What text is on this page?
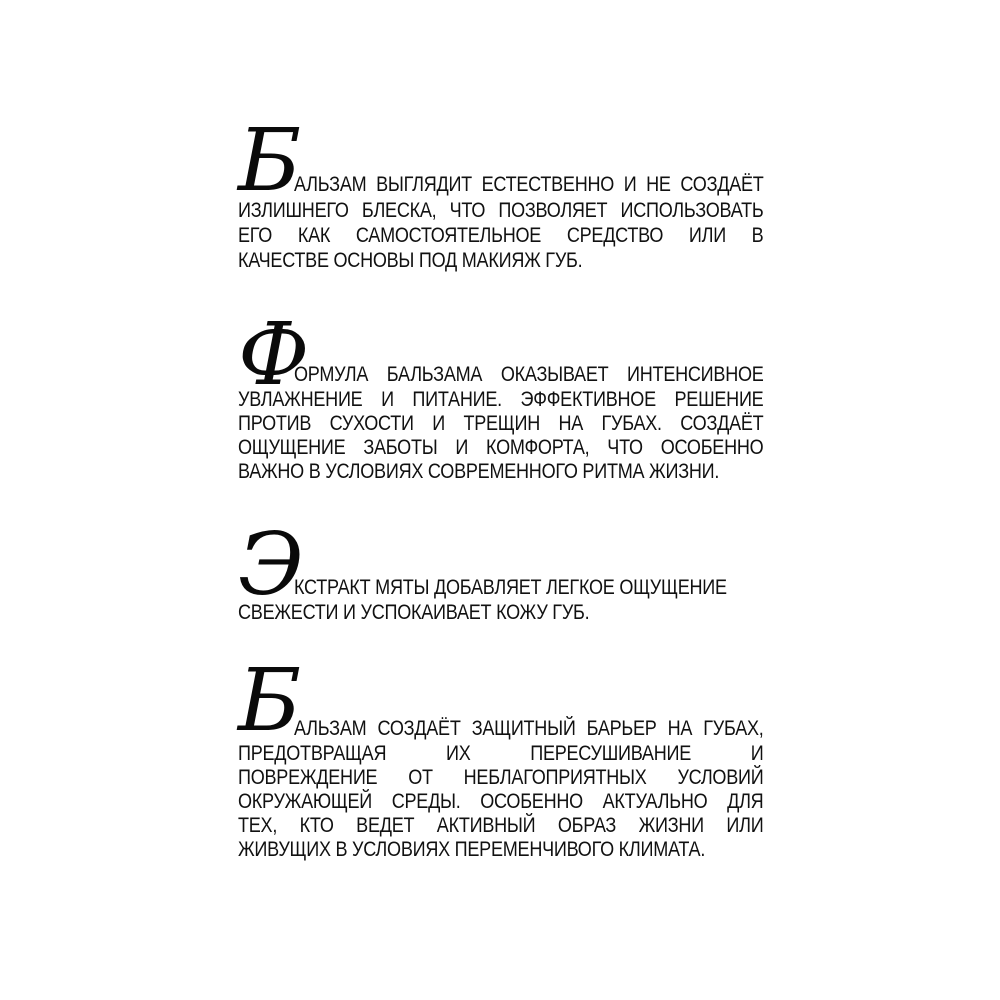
Б
АЛЬЗАМ ВЫГЛЯДИТ ЕСТЕСТВЕННО И НЕ СОЗДАЁТ
ИЗЛИШНЕГО БЛЕСКА, ЧТО ПОЗВОЛЯЕТ ИСПОЛЬЗОВАТЬ
ЕГО КАК САМОСТОЯТЕЛЬНОЕ СРЕДСТВО ИЛИ В
КАЧЕСТВЕ ОСНОВЫ ПОД МАКИЯЖ ГУБ.
Ф
ОРМУЛА БАЛЬЗАМА ОКАЗЫВАЕТ ИНТЕНСИВНОЕ
УВЛАЖНЕНИЕ И ПИТАНИЕ. ЭФФЕКТИВНОЕ РЕШЕНИЕ
ПРОТИВ СУХОСТИ И ТРЕЩИН НА ГУБАХ. СОЗДАЁТ
ОЩУЩЕНИЕ ЗАБОТЫ И КОМФОРТА, ЧТО ОСОБЕННО
ВАЖНО В УСЛОВИЯХ СОВРЕМЕННОГО РИТМА ЖИЗНИ.
Э
КСТРАКТ МЯТЫ ДОБАВЛЯЕТ ЛЕГКОЕ ОЩУЩЕНИЕ
СВЕЖЕСТИ И УСПОКАИВАЕТ КОЖУ ГУБ.
Б
АЛЬЗАМ СОЗДАЁТ ЗАЩИТНЫЙ БАРЬЕР НА ГУБАХ,
ПРЕДОТВРАЩАЯ ИХ ПЕРЕСУШИВАНИЕ И
ПОВРЕЖДЕНИЕ ОТ НЕБЛАГОПРИЯТНЫХ УСЛОВИЙ
ОКРУЖАЮЩЕЙ СРЕДЫ. ОСОБЕННО АКТУАЛЬНО ДЛЯ
ТЕХ, КТО ВЕДЕТ АКТИВНЫЙ ОБРАЗ ЖИЗНИ ИЛИ
ЖИВУЩИХ В УСЛОВИЯХ ПЕРЕМЕНЧИВОГО КЛИМАТА.
